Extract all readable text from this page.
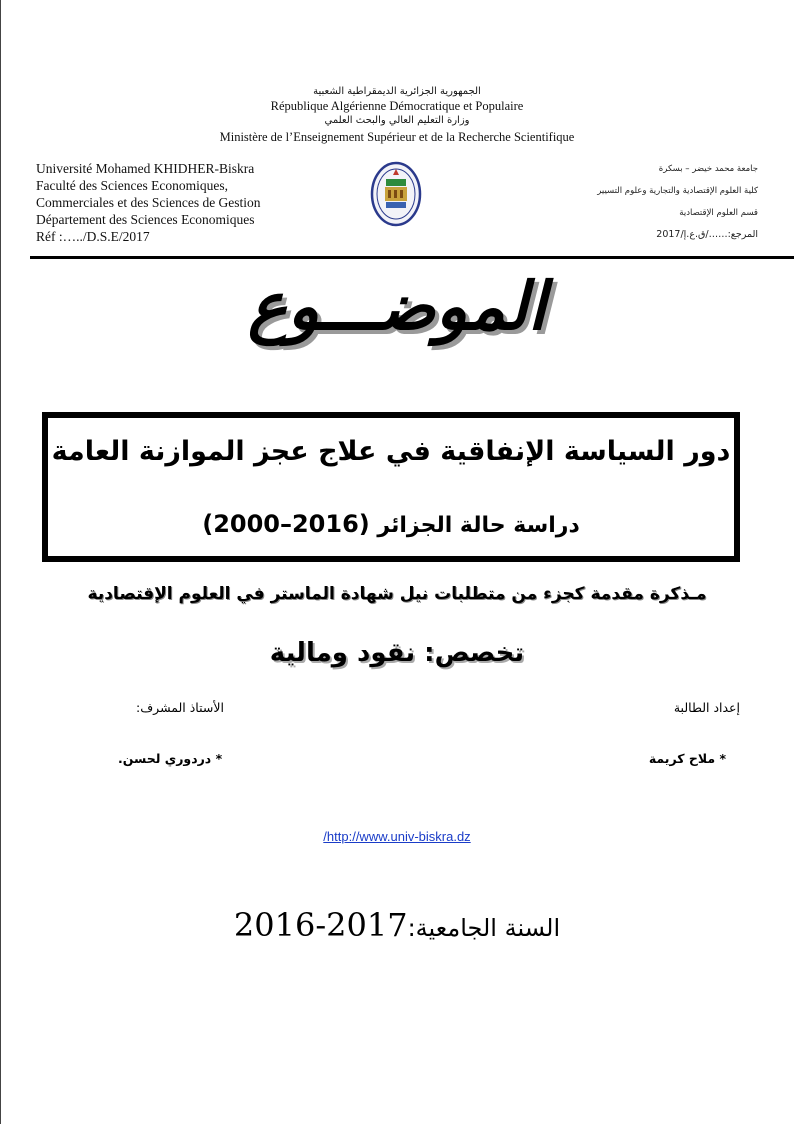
الجمهورية الجزائرية الديمقراطية الشعبية
République Algérienne Démocratique et Populaire
وزارة التعليم العالي والبحث العلمي
Ministère de l’Enseignement Supérieur et de la Recherche Scientifique
Université Mohamed KHIDHER-Biskra
Faculté des Sciences Economiques,
Commerciales et des Sciences de Gestion
Département des Sciences Economiques
Réf :…../D.S.E/2017
جامعة محمد خيضر – بسكرة
كلية العلوم الإقتصادية والتجارية وعلوم التسيير
قسم العلوم الإقتصادية
المرجع:……/ق.ع.إ/2017
الموضـــوع
دور السياسة الإنفاقية في علاج عجز الموازنة العامة
دراسة حالة الجزائر (2000–2016)
مـذكرة مقدمة كجزء من متطلبات نيل شهادة الماستر في العلوم الإقتصادية
تخصص: نقود ومالية
إعداد الطالبة
الأستاذ المشرف:
* ملاح كريمة
* دردوري لحسن.
/http://www.univ-biskra.dz
السنة الجامعية:2016-2017
